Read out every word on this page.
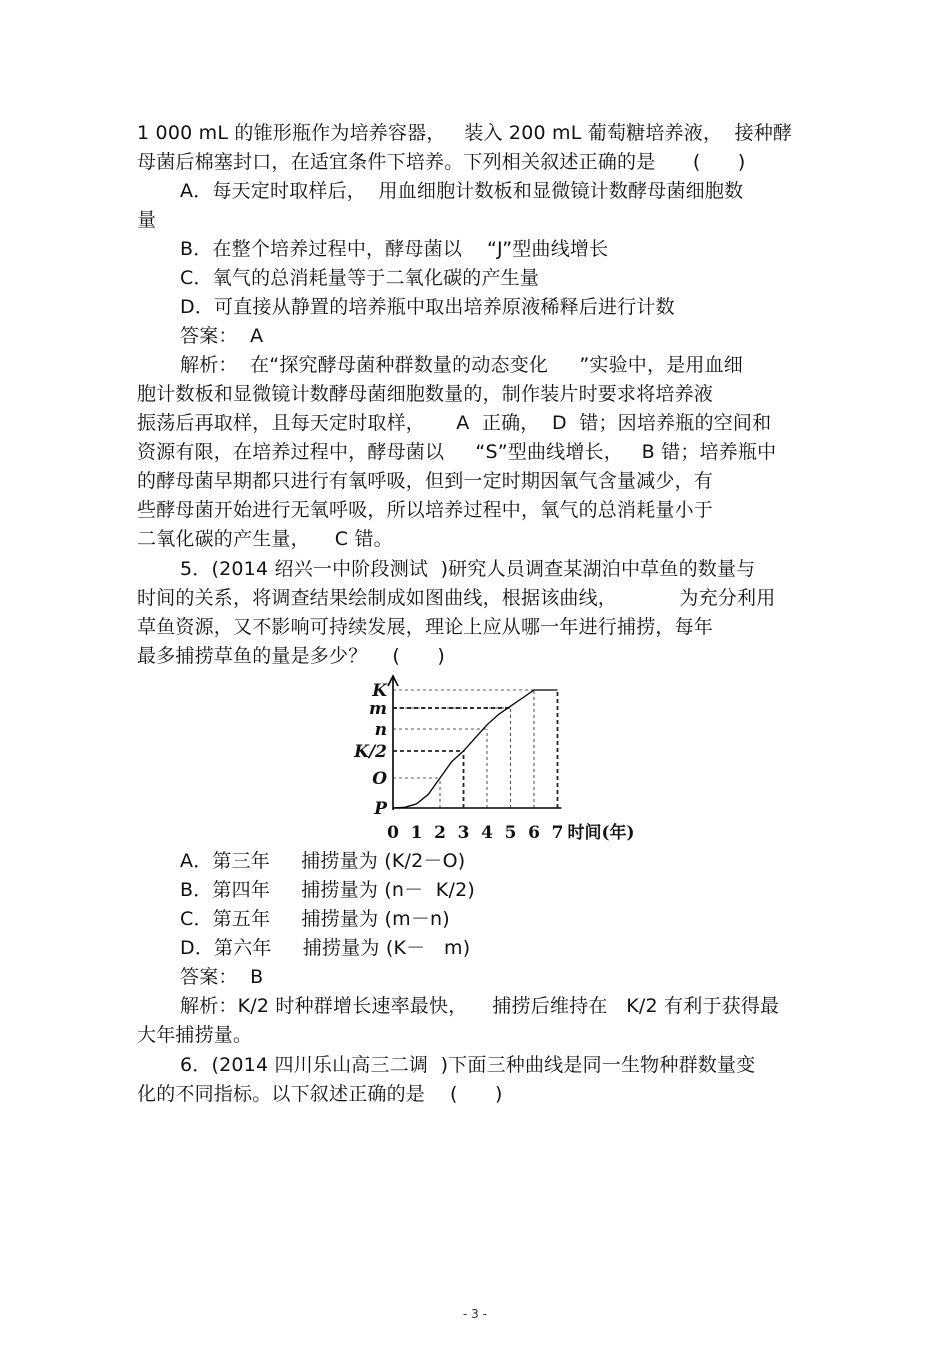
1 000 mL 的锥形瓶作为培养容器，   装入 200 mL 葡萄糖培养液，  接种酵
母菌后棉塞封口，在适宜条件下培养。下列相关叙述正确的是      (      )
A．每天定时取样后，  用血细胞计数板和显微镜计数酵母菌细胞数
量
B．在整个培养过程中，酵母菌以    “J”型曲线增长
C．氧气的总消耗量等于二氧化碳的产生量
D．可直接从静置的培养瓶中取出培养原液稀释后进行计数
答案：  A
解析：  在“探究酵母菌种群数量的动态变化     ”实验中，是用血细
胞计数板和显微镜计数酵母菌细胞数量的，制作装片时要求将培养液
振荡后再取样，且每天定时取样，     A  正确，  D  错；因培养瓶的空间和
资源有限，在培养过程中，酵母菌以     “S”型曲线增长，   B 错；培养瓶中
的酵母菌早期都只进行有氧呼吸，但到一定时期因氧气含量减少，有
些酵母菌开始进行无氧呼吸，所以培养过程中，氧气的总消耗量小于
二氧化碳的产生量，    C 错。
5．(2014 绍兴一中阶段测试  )研究人员调查某湖泊中草鱼的数量与
时间的关系，将调查结果绘制成如图曲线，根据该曲线，          为充分利用
草鱼资源，又不影响可持续发展，理论上应从哪一年进行捕捞，每年
最多捕捞草鱼的量是多少？    (      )
P
O
K/2
n
m
K
0 1 2 3 4 5 6 7 时间(年)
A．第三年     捕捞量为 (K/2－O)
B．第四年     捕捞量为 (n－  K/2)
C．第五年     捕捞量为 (m－n)
D．第六年     捕捞量为 (K－   m)
答案：  B
解析：K/2 时种群增长速率最快，    捕捞后维持在   K/2 有利于获得最
大年捕捞量。
6．(2014 四川乐山高三二调  )下面三种曲线是同一生物种群数量变
化的不同指标。以下叙述正确的是    (      )
- 3 -
